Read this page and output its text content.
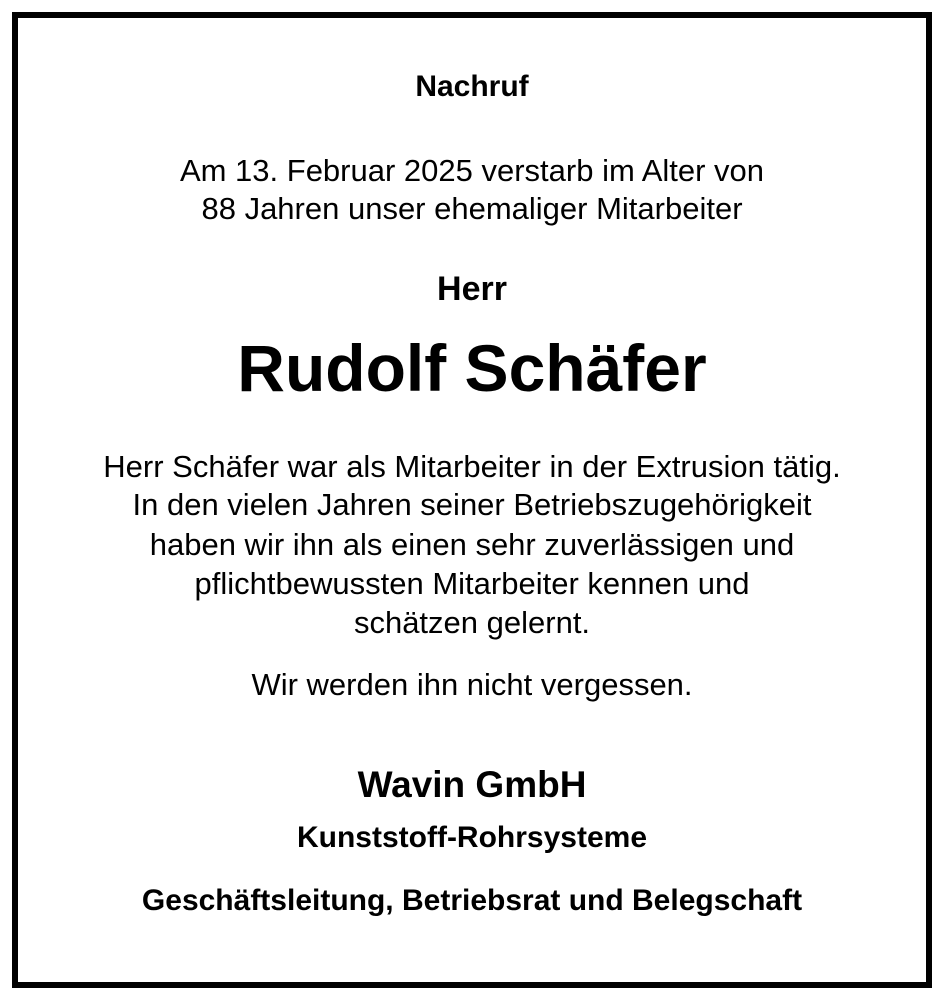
Nachruf
Am 13. Februar 2025 verstarb im Alter von
88 Jahren unser ehemaliger Mitarbeiter
Herr
Rudolf Schäfer
Herr Schäfer war als Mitarbeiter in der Extrusion tätig.
In den vielen Jahren seiner Betriebszugehörigkeit
haben wir ihn als einen sehr zuverlässigen und
pflichtbewussten Mitarbeiter kennen und
schätzen gelernt.
Wir werden ihn nicht vergessen.
Wavin GmbH
Kunststoff-Rohrsysteme
Geschäftsleitung, Betriebsrat und Belegschaft
